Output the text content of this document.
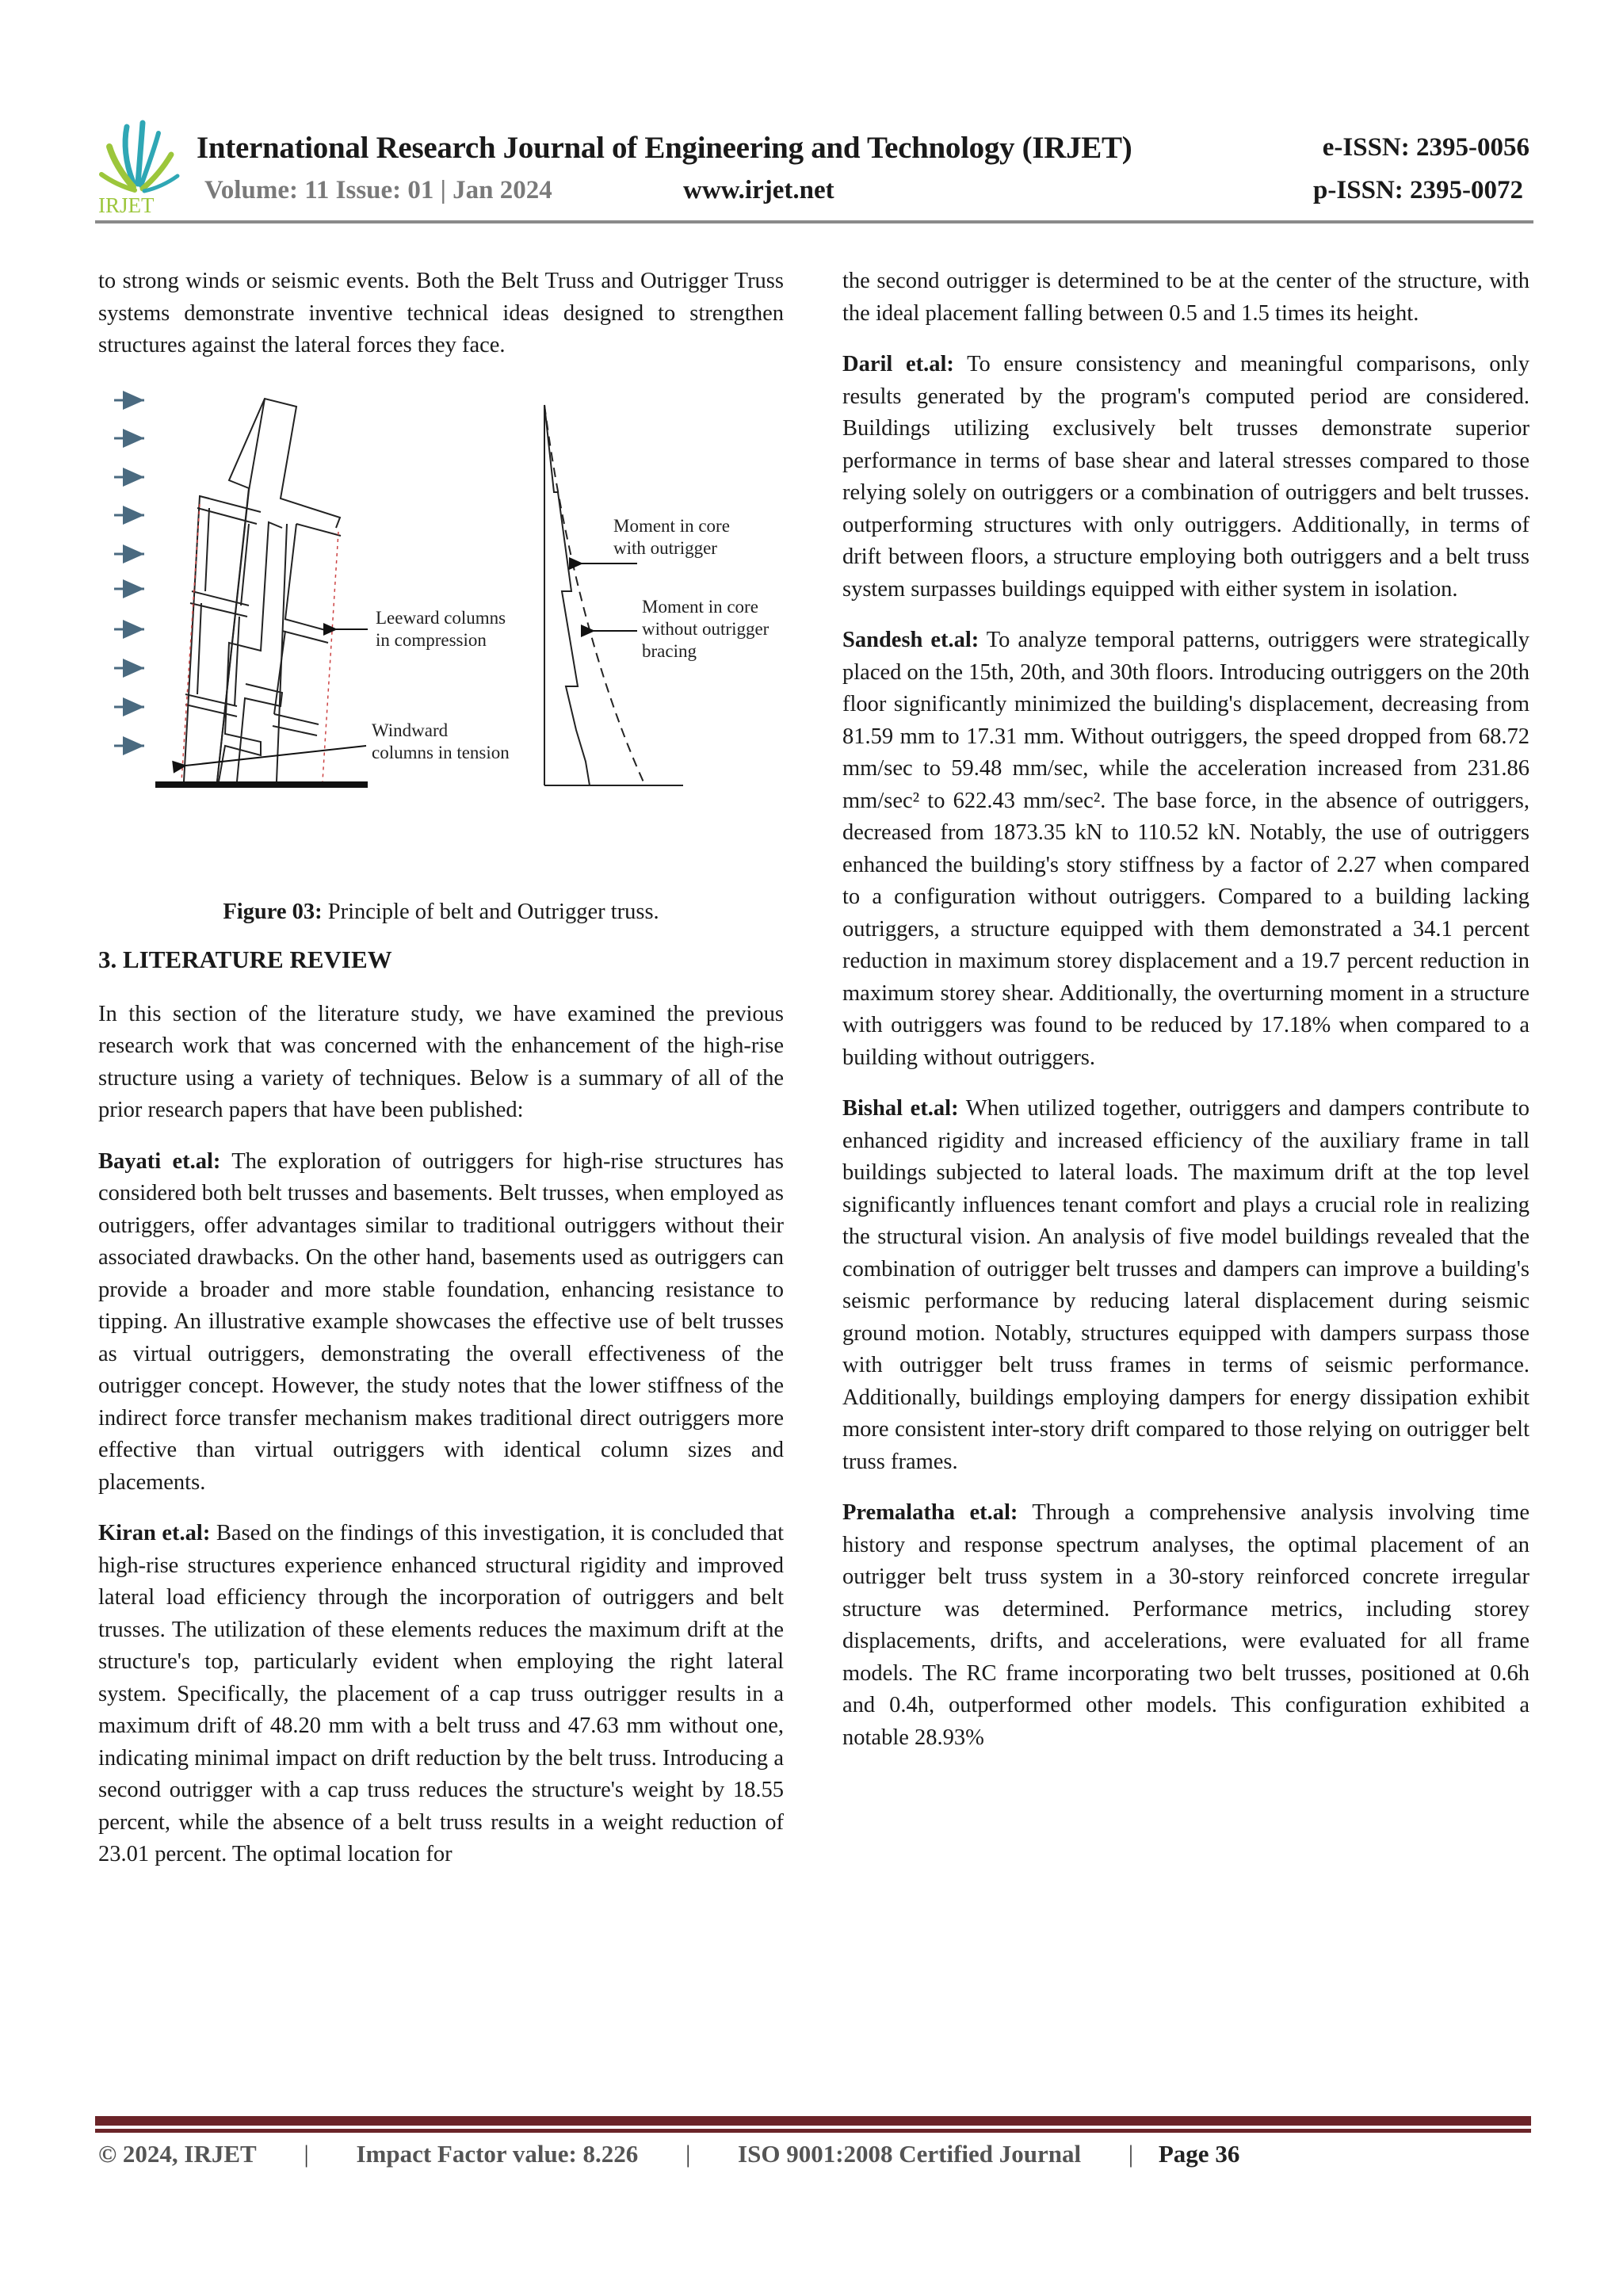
IRJET
International Research Journal of Engineering and Technology (IRJET)	e-ISSN: 2395-0056
Volume: 11 Issue: 01 | Jan 2024	www.irjet.net	p-ISSN: 2395-0072

to strong winds or seismic events. Both the Belt Truss and Outrigger Truss systems demonstrate inventive technical ideas designed to strengthen structures against the lateral forces they face.

Leeward columns
in compression
Windward
columns in tension
Moment in core
with outrigger
Moment in core
without outrigger
bracing

Figure 03: Principle of belt and Outrigger truss.

3. LITERATURE REVIEW

In this section of the literature study, we have examined the previous research work that was concerned with the enhancement of the high-rise structure using a variety of techniques. Below is a summary of all of the prior research papers that have been published:

Bayati et.al: The exploration of outriggers for high-rise structures has considered both belt trusses and basements. Belt trusses, when employed as outriggers, offer advantages similar to traditional outriggers without their associated drawbacks. On the other hand, basements used as outriggers can provide a broader and more stable foundation, enhancing resistance to tipping. An illustrative example showcases the effective use of belt trusses as virtual outriggers, demonstrating the overall effectiveness of the outrigger concept. However, the study notes that the lower stiffness of the indirect force transfer mechanism makes traditional direct outriggers more effective than virtual outriggers with identical column sizes and placements.

Kiran et.al: Based on the findings of this investigation, it is concluded that high-rise structures experience enhanced structural rigidity and improved lateral load efficiency through the incorporation of outriggers and belt trusses. The utilization of these elements reduces the maximum drift at the structure's top, particularly evident when employing the right lateral system. Specifically, the placement of a cap truss outrigger results in a maximum drift of 48.20 mm with a belt truss and 47.63 mm without one, indicating minimal impact on drift reduction by the belt truss. Introducing a second outrigger with a cap truss reduces the structure's weight by 18.55 percent, while the absence of a belt truss results in a weight reduction of 23.01 percent. The optimal location for

the second outrigger is determined to be at the center of the structure, with the ideal placement falling between 0.5 and 1.5 times its height.

Daril et.al: To ensure consistency and meaningful comparisons, only results generated by the program's computed period are considered. Buildings utilizing exclusively belt trusses demonstrate superior performance in terms of base shear and lateral stresses compared to those relying solely on outriggers or a combination of outriggers and belt trusses. outperforming structures with only outriggers. Additionally, in terms of drift between floors, a structure employing both outriggers and a belt truss system surpasses buildings equipped with either system in isolation.

Sandesh et.al: To analyze temporal patterns, outriggers were strategically placed on the 15th, 20th, and 30th floors. Introducing outriggers on the 20th floor significantly minimized the building's displacement, decreasing from 81.59 mm to 17.31 mm. Without outriggers, the speed dropped from 68.72 mm/sec to 59.48 mm/sec, while the acceleration increased from 231.86 mm/sec² to 622.43 mm/sec². The base force, in the absence of outriggers, decreased from 1873.35 kN to 110.52 kN. Notably, the use of outriggers enhanced the building's story stiffness by a factor of 2.27 when compared to a configuration without outriggers. Compared to a building lacking outriggers, a structure equipped with them demonstrated a 34.1 percent reduction in maximum storey displacement and a 19.7 percent reduction in maximum storey shear. Additionally, the overturning moment in a structure with outriggers was found to be reduced by 17.18% when compared to a building without outriggers.

Bishal et.al: When utilized together, outriggers and dampers contribute to enhanced rigidity and increased efficiency of the auxiliary frame in tall buildings subjected to lateral loads. The maximum drift at the top level significantly influences tenant comfort and plays a crucial role in realizing the structural vision. An analysis of five model buildings revealed that the combination of outrigger belt trusses and dampers can improve a building's seismic performance by reducing lateral displacement during seismic ground motion. Notably, structures equipped with dampers surpass those with outrigger belt truss frames in terms of seismic performance. Additionally, buildings employing dampers for energy dissipation exhibit more consistent inter-story drift compared to those relying on outrigger belt truss frames.

Premalatha et.al: Through a comprehensive analysis involving time history and response spectrum analyses, the optimal placement of an outrigger belt truss system in a 30-story reinforced concrete irregular structure was determined. Performance metrics, including storey displacements, drifts, and accelerations, were evaluated for all frame models. The RC frame incorporating two belt trusses, positioned at 0.6h and 0.4h, outperformed other models. This configuration exhibited a notable 28.93%

© 2024, IRJET | Impact Factor value: 8.226 | ISO 9001:2008 Certified Journal | Page 36
